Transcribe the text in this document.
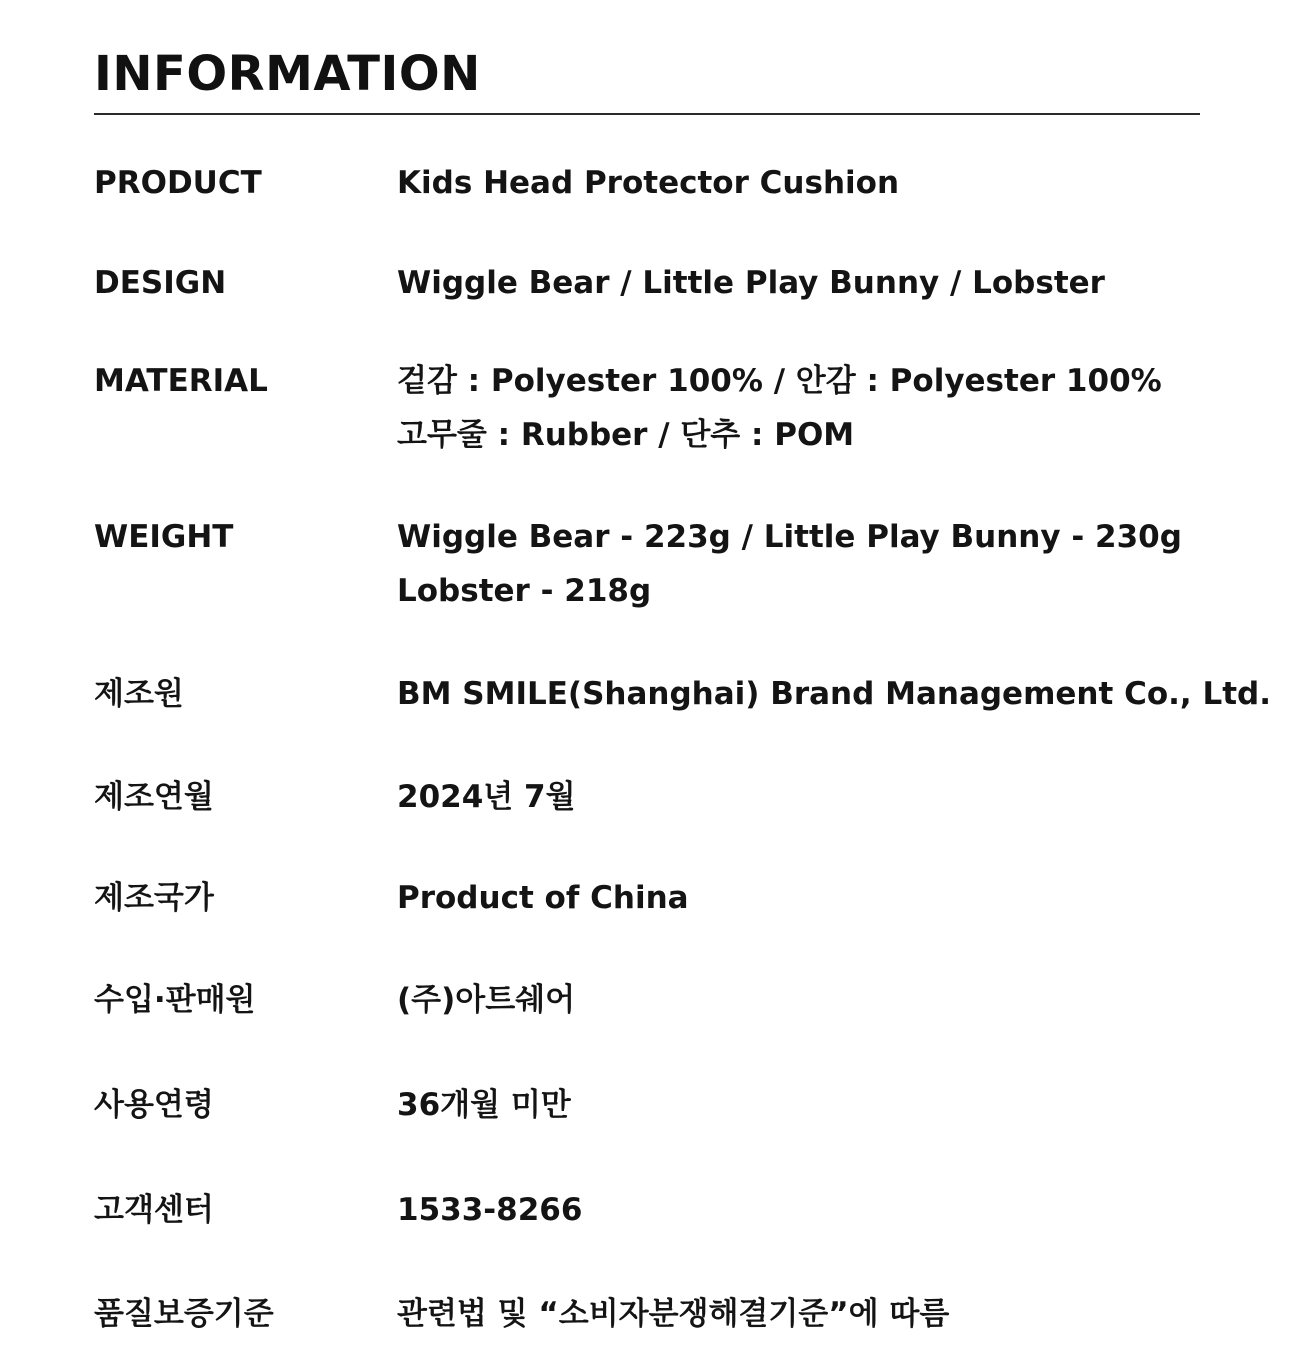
INFORMATION
PRODUCT	Kids Head Protector Cushion
DESIGN	Wiggle Bear / Little Play Bunny / Lobster
MATERIAL	겉감 : Polyester 100% / 안감 : Polyester 100%
고무줄 : Rubber / 단추 : POM
WEIGHT	Wiggle Bear - 223g / Little Play Bunny - 230g
Lobster - 218g
제조원	BM SMILE(Shanghai) Brand Management Co., Ltd.
제조연월	2024년 7월
제조국가	Product of China
수입·판매원	(주)아트쉐어
사용연령	36개월 미만
고객센터	1533-8266
품질보증기준	관련법 및 “소비자분쟁해결기준”에 따름
